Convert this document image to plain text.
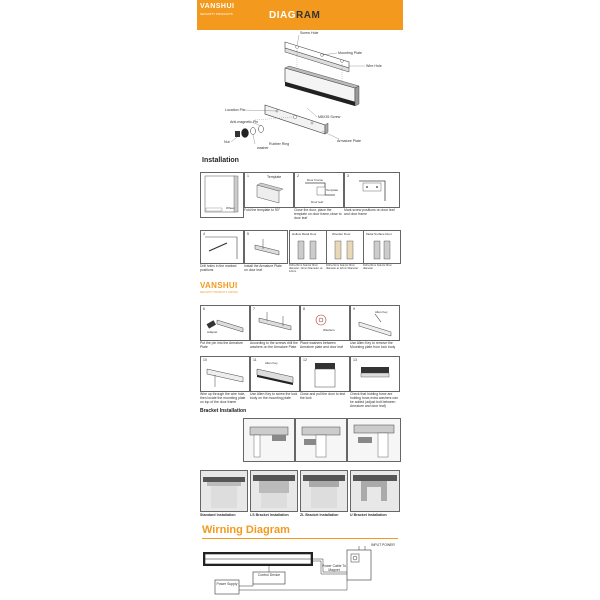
VANSHUI
SECURITY PRODUCTS	DIAGRAM
Screw Hole
Mounting Plate
Wire Hole
M8X35 Screw
Location Pin
Anti-magnetic Pin
Nut
washer
Rubber Ring
Armature Plate
Installation
Wheel
1	Template
Fold the template to 90°
2
Door Frame
Template
Door leaf
Close the door, place the template on door frame,close to door leaf
3
Mark screw positions on door leaf and door frame
4
Drill holes in the marked positions
5
Install the Armature Plate on door leaf
Hollow Metal Door
Drill a 8mm hole,for 8mm diameter, 12mm Diameter, at 10mm.
Wooden Door
Drill a 6mm hole,for 8mm diameter at 12mm Diameter
Metal Surface Door
Drill a 8mm hole,for 8mm diameter
VANSHUI
SECURITY PRODUCTS LIMITED
6
Adapter
Put the pin into the Armature Plate
7
According to the screws drill the washers on the Armature Plate
8
Washers
Place washers between Armature plate and door leaf
9
Allen Key
Use Allen Key to remove the Mounting plate from lock body
10
Wire up through the wire hole, then locate the mounting plate on top of the door frame
11
Allen Key
Use Allen Key to screw the lock body on the mounting plate
12
Close and pull the door to test the lock
13
Check that holding force are holding force,extra washers can be added (adjust bolt between Armature and door leaf)
Bracket Installation
Standard Installation	LS Bracket Installation	ZL Bracket Installation	U Bracket Installation
Wirning Diagram
Control Device
Power Supply
Power Cable To Magnet
INPUT POWER
